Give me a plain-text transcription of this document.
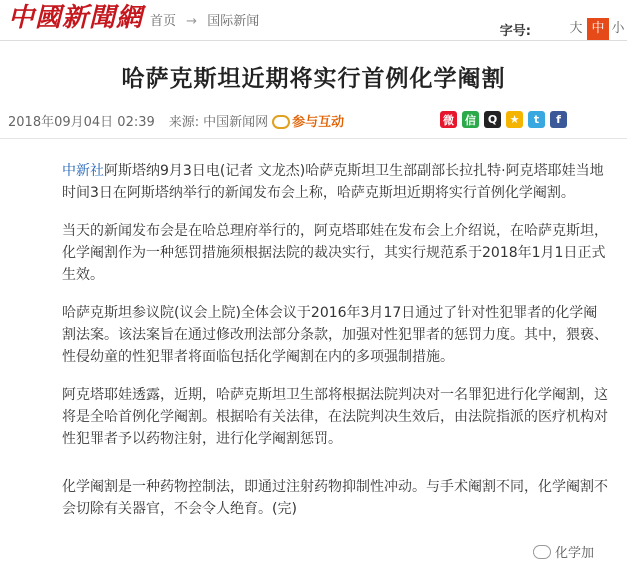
中國新聞網 首页 → 国际新闻
字号:	大 中 小
哈萨克斯坦近期将实行首例化学阉割
2018年09月04日 02:39 来源: 中国新闻网 参与互动	微 信	Q	★	t	f

中新社阿斯塔纳9月3日电(记者 文龙杰)哈萨克斯坦卫生部副部长拉扎特·阿克塔耶娃当地时间3日在阿斯塔纳举行的新闻发布会上称，哈萨克斯坦近期将实行首例化学阉割。

当天的新闻发布会是在哈总理府举行的，阿克塔耶娃在发布会上介绍说，在哈萨克斯坦，化学阉割作为一种惩罚措施须根据法院的裁决实行，其实行规范系于2018年1月1日正式生效。

哈萨克斯坦参议院(议会上院)全体会议于2016年3月17日通过了针对性犯罪者的化学阉割法案。该法案旨在通过修改刑法部分条款，加强对性犯罪者的惩罚力度。其中，猥亵、性侵幼童的性犯罪者将面临包括化学阉割在内的多项强制措施。

阿克塔耶娃透露，近期，哈萨克斯坦卫生部将根据法院判决对一名罪犯进行化学阉割，这将是全哈首例化学阉割。根据哈有关法律，在法院判决生效后，由法院指派的医疗机构对性犯罪者予以药物注射，进行化学阉割惩罚。

化学阉割是一种药物控制法，即通过注射药物抑制性冲动。与手术阉割不同，化学阉割不会切除有关器官，不会令人绝育。(完)

化学加
